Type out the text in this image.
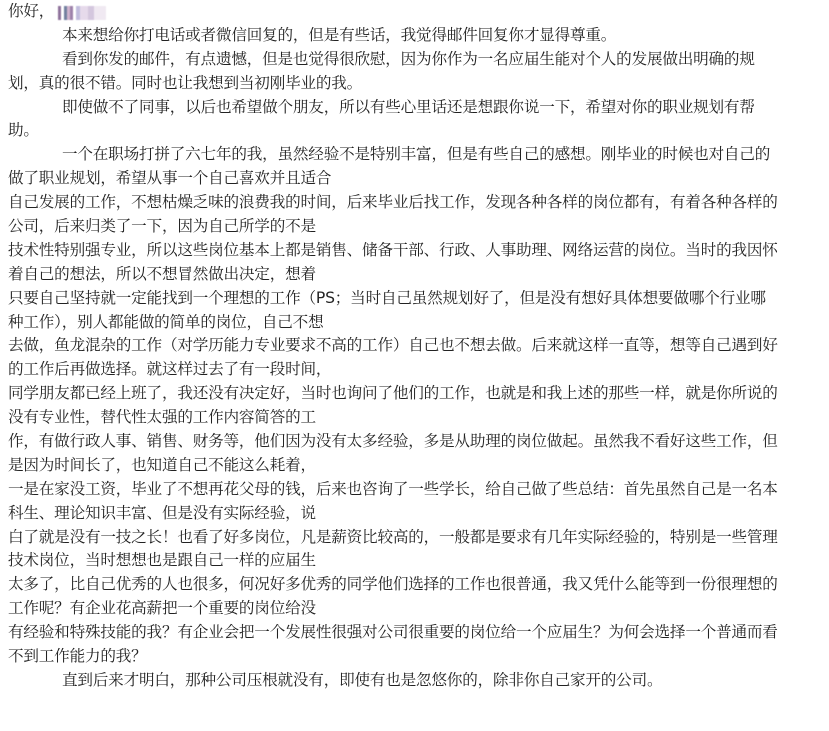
你好，
本来想给你打电话或者微信回复的，但是有些话，我觉得邮件回复你才显得尊重。
看到你发的邮件，有点遗憾，但是也觉得很欣慰，因为你作为一名应届生能对个人的发展做出明确的规
划，真的很不错。同时也让我想到当初刚毕业的我。
即使做不了同事，以后也希望做个朋友，所以有些心里话还是想跟你说一下，希望对你的职业规划有帮
助。
一个在职场打拼了六七年的我，虽然经验不是特别丰富，但是有些自己的感想。刚毕业的时候也对自己的
做了职业规划，希望从事一个自己喜欢并且适合
自己发展的工作，不想枯燥乏味的浪费我的时间，后来毕业后找工作，发现各种各样的岗位都有，有着各种各样的
公司，后来归类了一下，因为自己所学的不是
技术性特别强专业，所以这些岗位基本上都是销售、储备干部、行政、人事助理、网络运营的岗位。当时的我因怀
着自己的想法，所以不想冒然做出决定，想着
只要自己坚持就一定能找到一个理想的工作（PS；当时自己虽然规划好了，但是没有想好具体想要做哪个行业哪
种工作），别人都能做的简单的岗位，自己不想
去做，鱼龙混杂的工作（对学历能力专业要求不高的工作）自己也不想去做。后来就这样一直等，想等自己遇到好
的工作后再做选择。就这样过去了有一段时间，
同学朋友都已经上班了，我还没有决定好，当时也询问了他们的工作，也就是和我上述的那些一样，就是你所说的
没有专业性，替代性太强的工作内容简答的工
作，有做行政人事、销售、财务等，他们因为没有太多经验，多是从助理的岗位做起。虽然我不看好这些工作，但
是因为时间长了，也知道自己不能这么耗着，
一是在家没工资，毕业了不想再花父母的钱，后来也咨询了一些学长，给自己做了些总结：首先虽然自己是一名本
科生、理论知识丰富、但是没有实际经验，说
白了就是没有一技之长！也看了好多岗位，凡是薪资比较高的，一般都是要求有几年实际经验的，特别是一些管理
技术岗位，当时想想也是跟自己一样的应届生
太多了，比自己优秀的人也很多，何况好多优秀的同学他们选择的工作也很普通，我又凭什么能等到一份很理想的
工作呢？有企业花高薪把一个重要的岗位给没
有经验和特殊技能的我？有企业会把一个发展性很强对公司很重要的岗位给一个应届生？为何会选择一个普通而看
不到工作能力的我？
直到后来才明白，那种公司压根就没有，即使有也是忽悠你的，除非你自己家开的公司。
